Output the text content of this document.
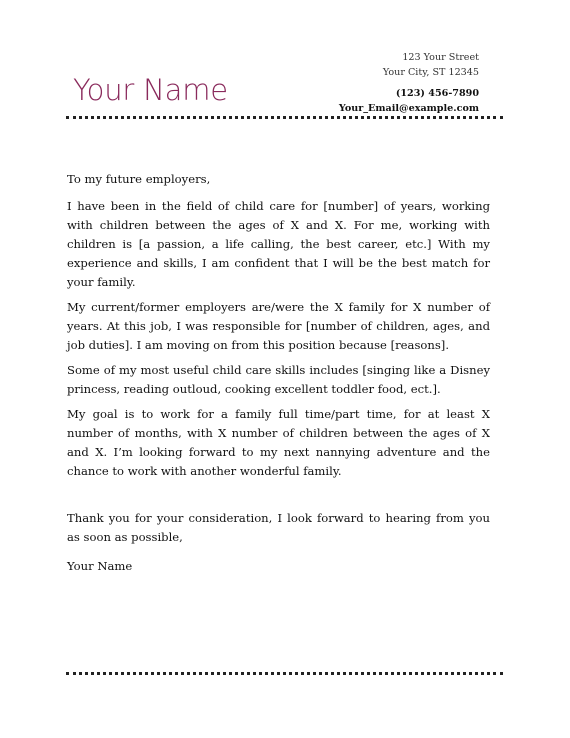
Your Name
123 Your Street
Your City, ST 12345
(123) 456-7890
Your_Email@example.com

To my future employers,

I have been in the field of child care for [number] of years, working with children between the ages of X and X. For me, working with children is [a passion, a life calling, the best career, etc.] With my experience and skills, I am confident that I will be the best match for your family.

My current/former employers are/were the X family for X number of years. At this job, I was responsible for [number of children, ages, and job duties]. I am moving on from this position because [reasons].

Some of my most useful child care skills includes [singing like a Disney princess, reading outloud, cooking excellent toddler food, ect.].

My goal is to work for a family full time/part time, for at least X number of months, with X number of children between the ages of X and X. I’m looking forward to my next nannying adventure and the chance to work with another wonderful family.

Thank you for your consideration, I look forward to hearing from you as soon as possible,

Your Name
